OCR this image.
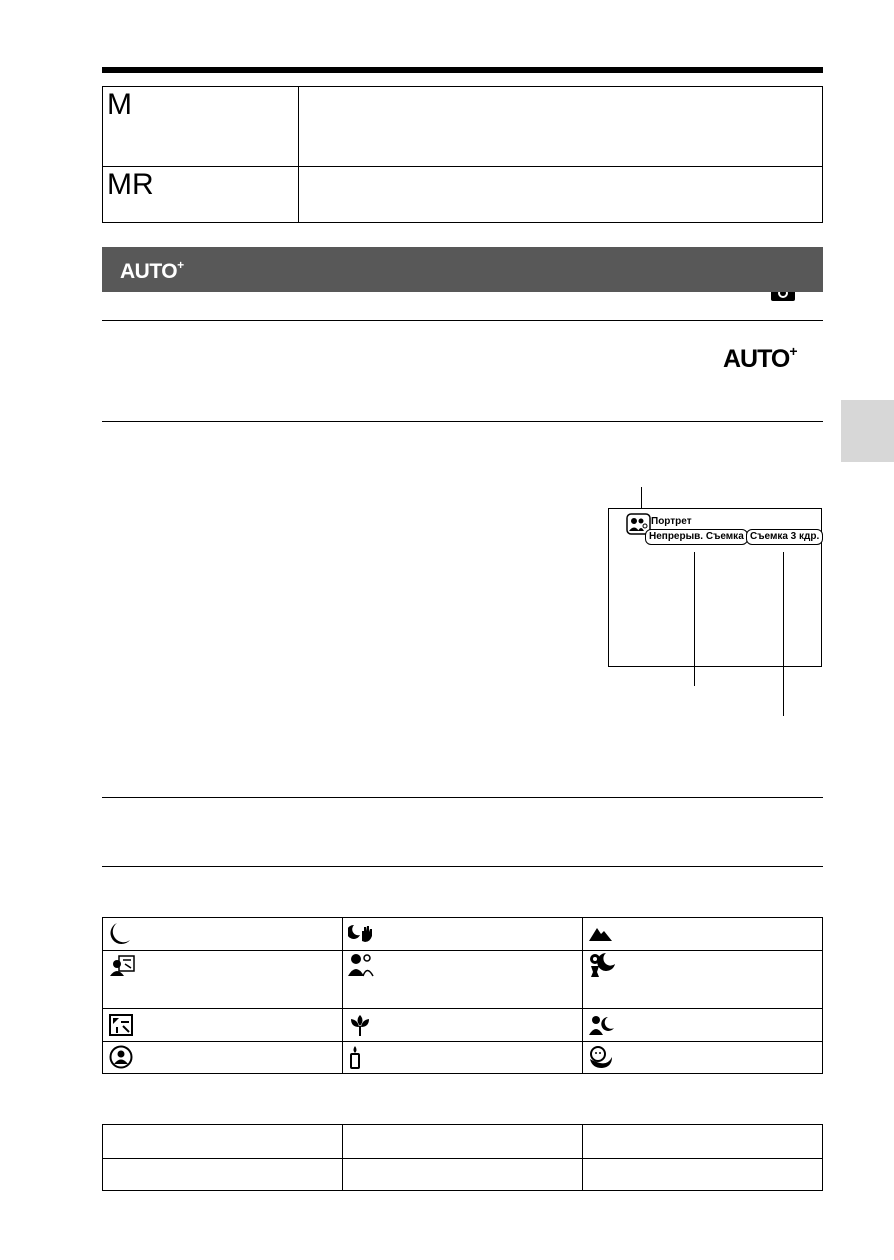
M
MR
AUTO+
AUTO+
Портрет
Непрерыв. Съемка Съемка 3 кдр.
